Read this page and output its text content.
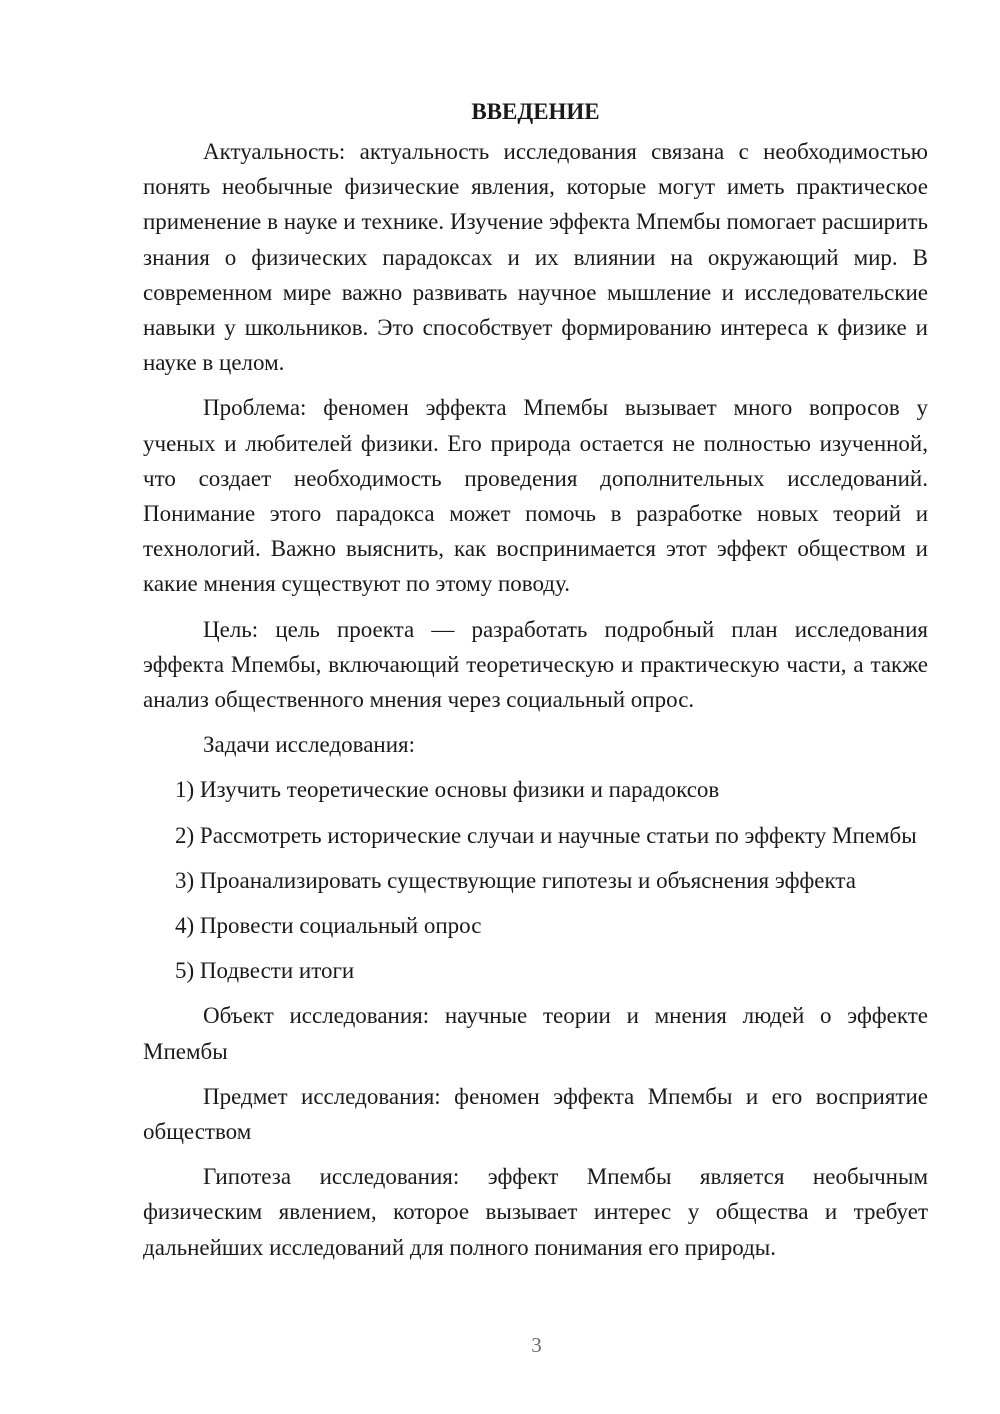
ВВЕДЕНИЕ

Актуальность: актуальность исследования связана с необходимостью понять необычные физические явления, которые могут иметь практическое применение в науке и технике. Изучение эффекта Мпембы помогает расширить знания о физических парадоксах и их влиянии на окружающий мир. В современном мире важно развивать научное мышление и исследовательские навыки у школьников. Это способствует формированию интереса к физике и науке в целом.

Проблема: феномен эффекта Мпембы вызывает много вопросов у ученых и любителей физики. Его природа остается не полностью изученной, что создает необходимость проведения дополнительных исследований. Понимание этого парадокса может помочь в разработке новых теорий и технологий. Важно выяснить, как воспринимается этот эффект обществом и какие мнения существуют по этому поводу.

Цель: цель проекта — разработать подробный план исследования эффекта Мпембы, включающий теоретическую и практическую части, а также анализ общественного мнения через социальный опрос.

Задачи исследования:

1) Изучить теоретические основы физики и парадоксов

2) Рассмотреть исторические случаи и научные статьи по эффекту Мпембы

3) Проанализировать существующие гипотезы и объяснения эффекта

4) Провести социальный опрос

5) Подвести итоги

Объект исследования: научные теории и мнения людей о эффекте Мпембы

Предмет исследования: феномен эффекта Мпембы и его восприятие обществом

Гипотеза исследования: эффект Мпембы является необычным физическим явлением, которое вызывает интерес у общества и требует дальнейших исследований для полного понимания его природы.

3
